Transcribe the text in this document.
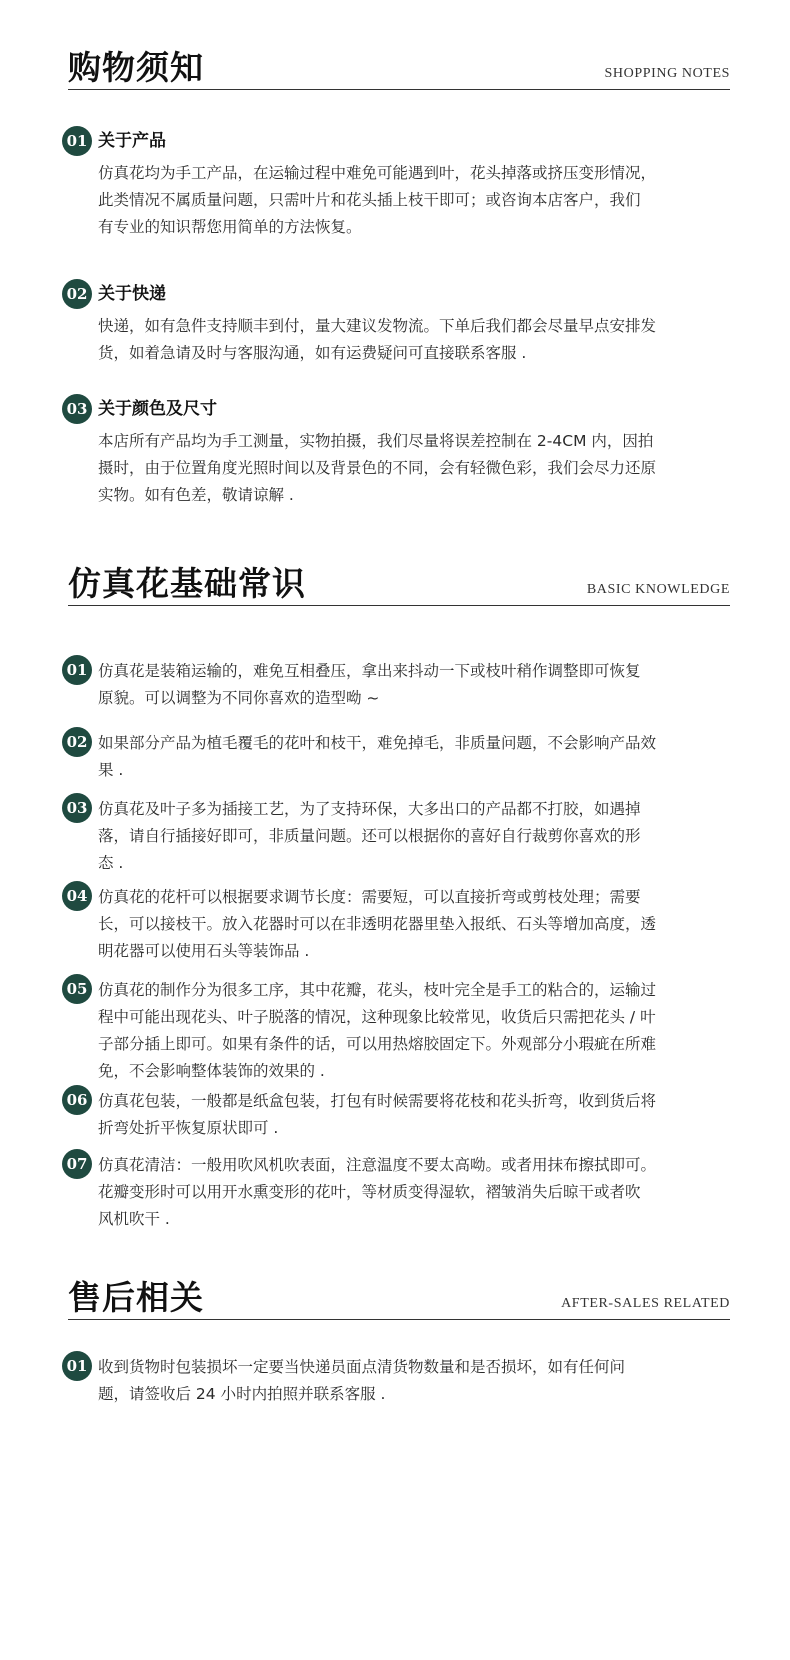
购物须知	SHOPPING NOTES
01 关于产品
仿真花均为手工产品，在运输过程中难免可能遇到叶，花头掉落或挤压变形情况，
此类情况不属质量问题，只需叶片和花头插上枝干即可；或咨询本店客户，我们
有专业的知识帮您用简单的方法恢复。
02 关于快递
快递，如有急件支持顺丰到付，量大建议发物流。下单后我们都会尽量早点安排发
货，如着急请及时与客服沟通，如有运费疑问可直接联系客服 .
03 关于颜色及尺寸
本店所有产品均为手工测量，实物拍摄，我们尽量将误差控制在 2-4CM 内，因拍
摄时，由于位置角度光照时间以及背景色的不同，会有轻微色彩，我们会尽力还原
实物。如有色差，敬请谅解 .
仿真花基础常识	BASIC KNOWLEDGE
01 仿真花是装箱运输的，难免互相叠压，拿出来抖动一下或枝叶稍作调整即可恢复
原貌。可以调整为不同你喜欢的造型呦 ~
02 如果部分产品为植毛覆毛的花叶和枝干，难免掉毛，非质量问题，不会影响产品效
果 .
03 仿真花及叶子多为插接工艺，为了支持环保，大多出口的产品都不打胶，如遇掉
落，请自行插接好即可，非质量问题。还可以根据你的喜好自行裁剪你喜欢的形
态 .
04 仿真花的花杆可以根据要求调节长度：需要短，可以直接折弯或剪枝处理；需要
长，可以接枝干。放入花器时可以在非透明花器里垫入报纸、石头等增加高度，透
明花器可以使用石头等装饰品 .
05 仿真花的制作分为很多工序，其中花瓣，花头，枝叶完全是手工的粘合的，运输过
程中可能出现花头、叶子脱落的情况，这种现象比较常见，收货后只需把花头 / 叶
子部分插上即可。如果有条件的话，可以用热熔胶固定下。外观部分小瑕疵在所难
免，不会影响整体装饰的效果的 .
06 仿真花包装，一般都是纸盒包装，打包有时候需要将花枝和花头折弯，收到货后将
折弯处折平恢复原状即可 .
07 仿真花清洁：一般用吹风机吹表面，注意温度不要太高呦。或者用抹布擦拭即可。
花瓣变形时可以用开水熏变形的花叶，等材质变得湿软，褶皱消失后晾干或者吹
风机吹干 .
售后相关	AFTER-SALES RELATED
01 收到货物时包装损坏一定要当快递员面点清货物数量和是否损坏，如有任何问
题，请签收后 24 小时内拍照并联系客服 .
